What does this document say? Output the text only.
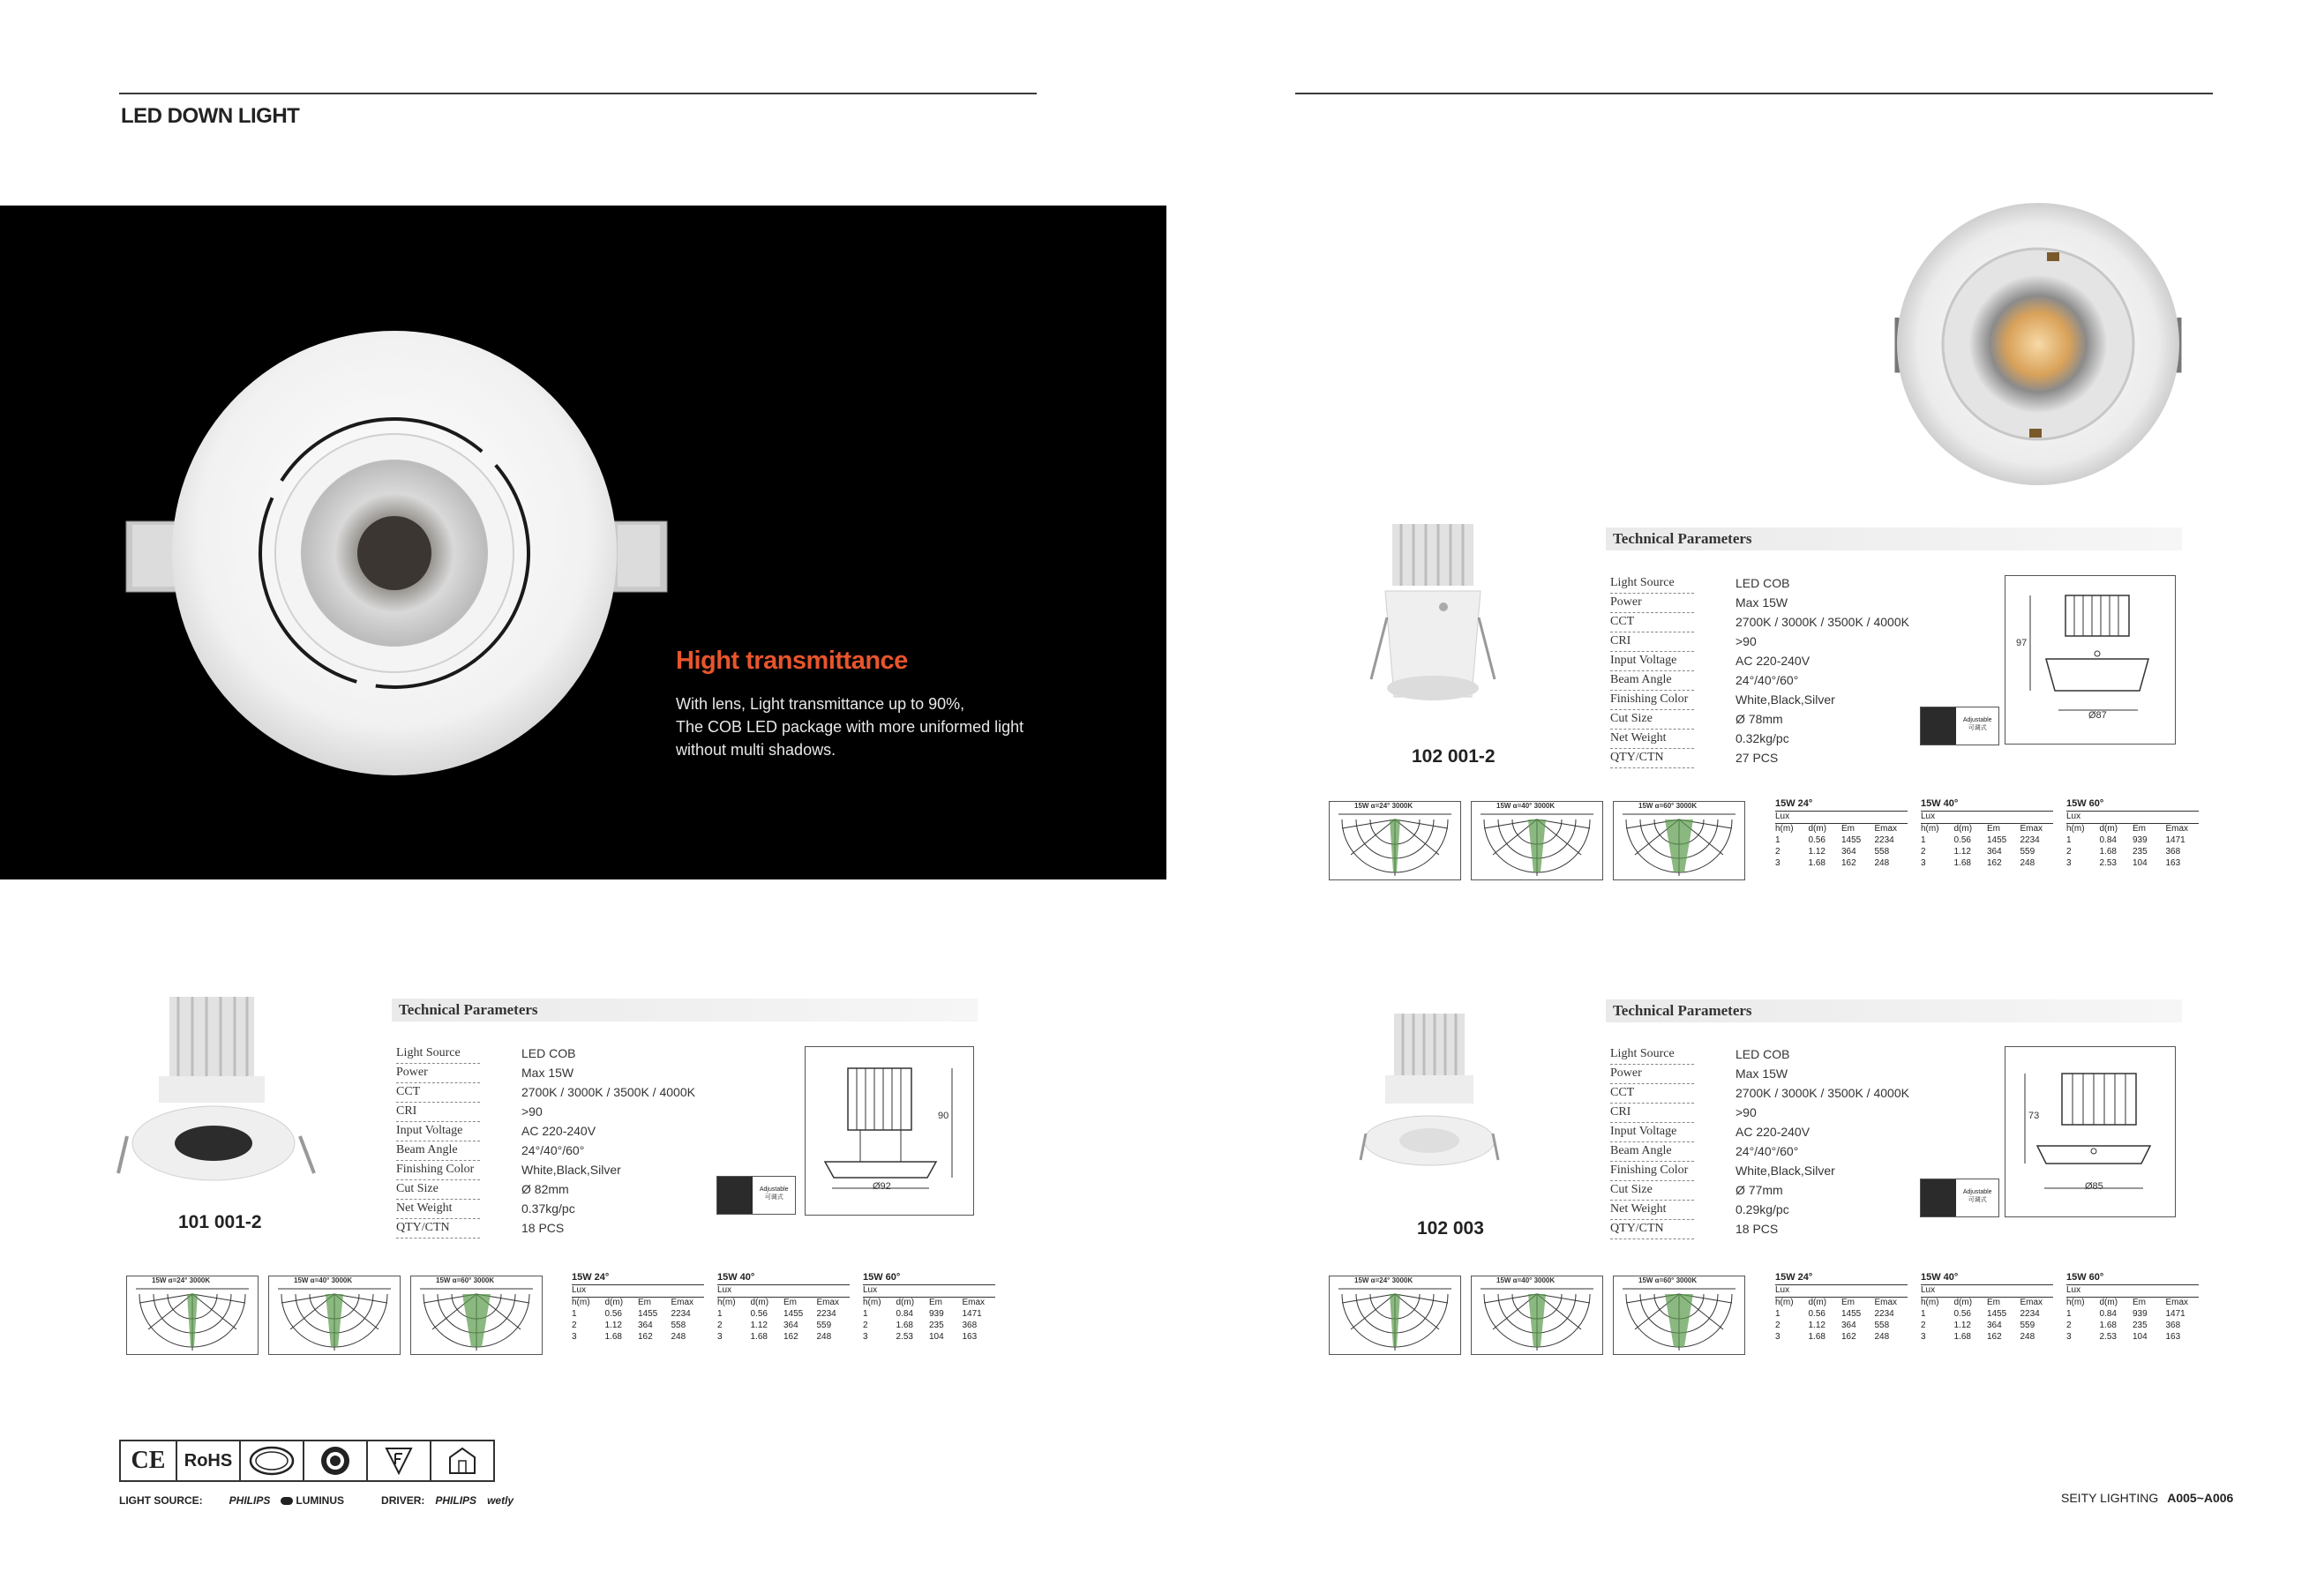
LED DOWN LIGHT
Hight transmittance
With lens, Light transmittance up to 90%,
The COB LED package with more uniformed light
without multi shadows.	102 001-2
Technical Parameters
Light Source	LED COB
Power	Max 15W
CCT	2700K / 3000K / 3500K / 4000K
CRI	>90
Input Voltage	AC 220-240V
Beam Angle	24°/40°/60°
Finishing Color	White,Black,Silver
Cut Size	Ø 78mm
Net Weight	0.32kg/pc
QTY/CTN	27 PCS
Adjustable
可调式
97
Ø87
15W α=24° 3000K	15W α=40° 3000K	15W α=60° 3000K	15W 24°
Lux
h(m)	d(m)	Em	Emax
1	0.56	1455	2234
2	1.12	364	558
3	1.68	162	248
15W 40°
Lux
h(m)	d(m)	Em	Emax
1	0.56	1455	2234
2	1.12	364	559
3	1.68	162	248
15W 60°
Lux
h(m)	d(m)	Em	Emax
1	0.84	939	1471
2	1.68	235	368
3	2.53	104	163
101 001-2
Technical Parameters
Light Source	LED COB
Power	Max 15W
CCT	2700K / 3000K / 3500K / 4000K
CRI	>90
Input Voltage	AC 220-240V
Beam Angle	24°/40°/60°
Finishing Color	White,Black,Silver
Cut Size	Ø 82mm
Net Weight	0.37kg/pc
QTY/CTN	18 PCS
Adjustable
可调式
90
Ø92
15W α=24° 3000K	15W α=40° 3000K	15W α=60° 3000K	15W 24°
Lux
h(m)	d(m)	Em	Emax
1	0.56	1455	2234
2	1.12	364	558
3	1.68	162	248
15W 40°
Lux
h(m)	d(m)	Em	Emax
1	0.56	1455	2234
2	1.12	364	559
3	1.68	162	248
15W 60°
Lux
h(m)	d(m)	Em	Emax
1	0.84	939	1471
2	1.68	235	368
3	2.53	104	163
102 003
Technical Parameters
Light Source	LED COB
Power	Max 15W
CCT	2700K / 3000K / 3500K / 4000K
CRI	>90
Input Voltage	AC 220-240V
Beam Angle	24°/40°/60°
Finishing Color	White,Black,Silver
Cut Size	Ø 77mm
Net Weight	0.29kg/pc
QTY/CTN	18 PCS
Adjustable
可调式
73
Ø85
15W α=24° 3000K	15W α=40° 3000K	15W α=60° 3000K	15W 24°
Lux
h(m)	d(m)	Em	Emax
1	0.56	1455	2234
2	1.12	364	558
3	1.68	162	248
15W 40°
Lux
h(m)	d(m)	Em	Emax
1	0.56	1455	2234
2	1.12	364	559
3	1.68	162	248
15W 60°
Lux
h(m)	d(m)	Em	Emax
1	0.84	939	1471
2	1.68	235	368
3	2.53	104	163
CE	RoHS
LIGHT SOURCE:	PHILIPS LUMINUS	DRIVER: PHILIPS wetly	SEITY LIGHTING A005~A006
